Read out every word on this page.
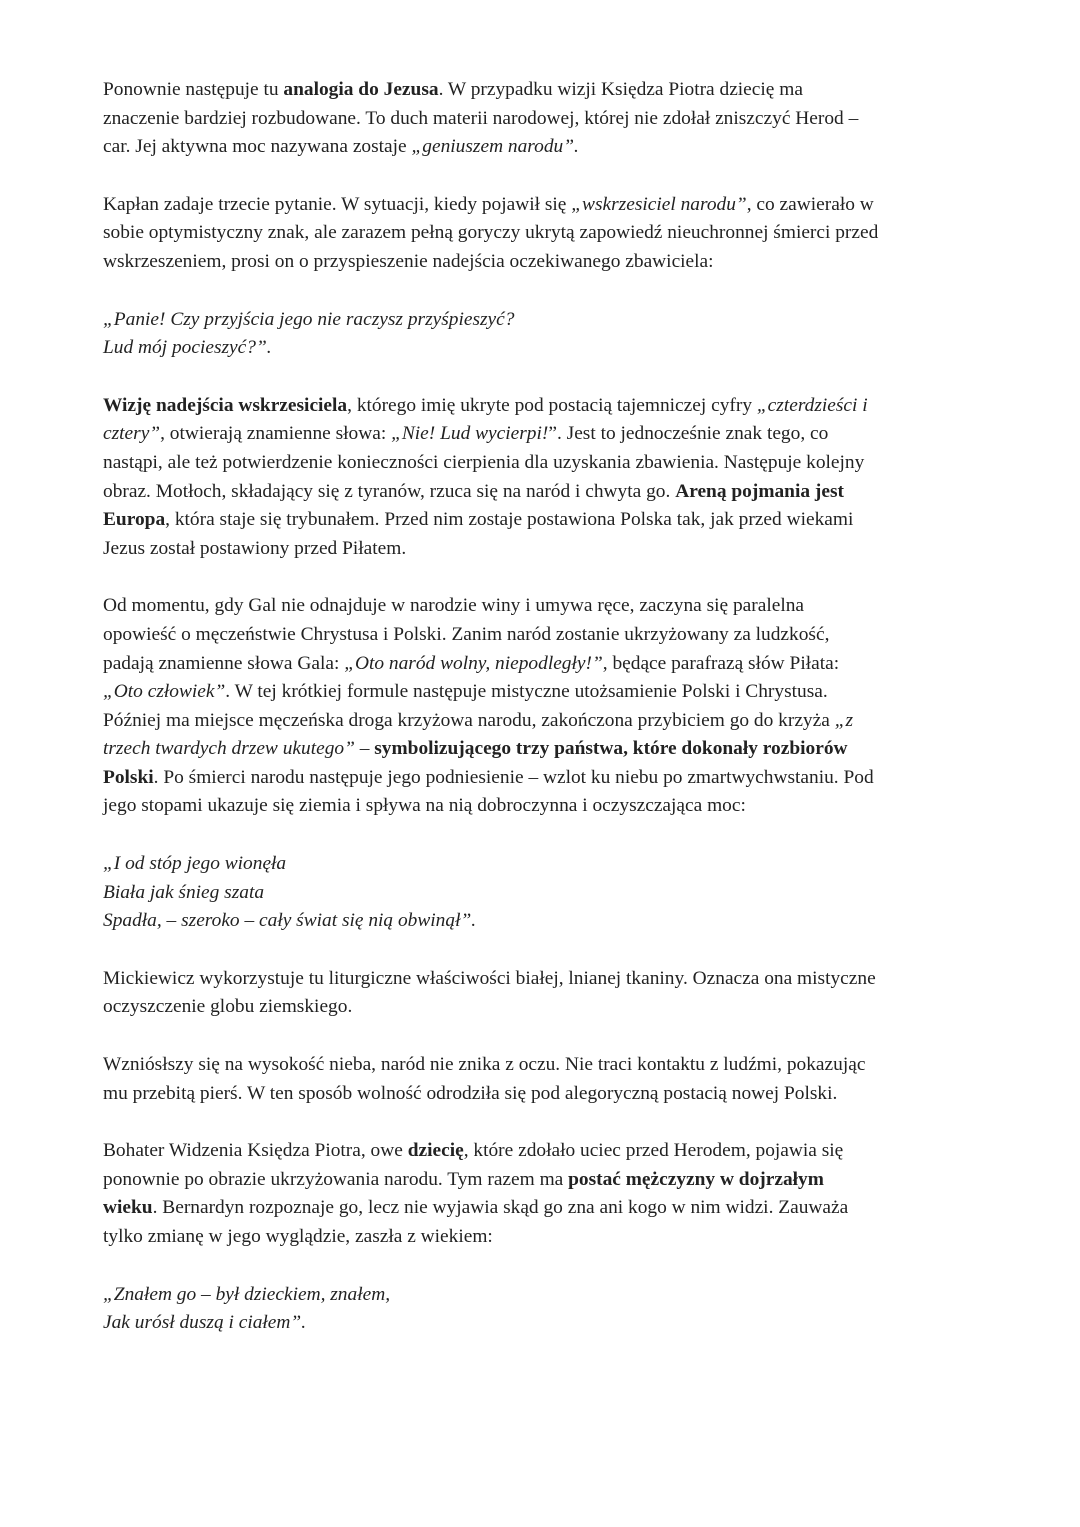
Ponownie następuje tu analogia do Jezusa. W przypadku wizji Księdza Piotra dziecię ma
znaczenie bardziej rozbudowane. To duch materii narodowej, której nie zdołał zniszczyć Herod –
car. Jej aktywna moc nazywana zostaje „geniuszem narodu”.
Kapłan zadaje trzecie pytanie. W sytuacji, kiedy pojawił się „wskrzesiciel narodu”, co zawierało w
sobie optymistyczny znak, ale zarazem pełną goryczy ukrytą zapowiedź nieuchronnej śmierci przed
wskrzeszeniem, prosi on o przyspieszenie nadejścia oczekiwanego zbawiciela:
„Panie! Czy przyjścia jego nie raczysz przyśpieszyć?
Lud mój pocieszyć?”.
Wizję nadejścia wskrzesiciela, którego imię ukryte pod postacią tajemniczej cyfry „czterdzieści i
cztery”, otwierają znamienne słowa: „Nie! Lud wycierpi!”. Jest to jednocześnie znak tego, co
nastąpi, ale też potwierdzenie konieczności cierpienia dla uzyskania zbawienia. Następuje kolejny
obraz. Motłoch, składający się z tyranów, rzuca się na naród i chwyta go. Areną pojmania jest
Europa, która staje się trybunałem. Przed nim zostaje postawiona Polska tak, jak przed wiekami
Jezus został postawiony przed Piłatem.
Od momentu, gdy Gal nie odnajduje w narodzie winy i umywa ręce, zaczyna się paralelna
opowieść o męczeństwie Chrystusa i Polski. Zanim naród zostanie ukrzyżowany za ludzkość,
padają znamienne słowa Gala: „Oto naród wolny, niepodległy!”, będące parafrazą słów Piłata:
„Oto człowiek”. W tej krótkiej formule następuje mistyczne utożsamienie Polski i Chrystusa.
Później ma miejsce męczeńska droga krzyżowa narodu, zakończona przybiciem go do krzyża „z
trzech twardych drzew ukutego” – symbolizującego trzy państwa, które dokonały rozbiorów
Polski. Po śmierci narodu następuje jego podniesienie – wzlot ku niebu po zmartwychwstaniu. Pod
jego stopami ukazuje się ziemia i spływa na nią dobroczynna i oczyszczająca moc:
„I od stóp jego wionęła
Biała jak śnieg szata
Spadła, – szeroko – cały świat się nią obwinął”.
Mickiewicz wykorzystuje tu liturgiczne właściwości białej, lnianej tkaniny. Oznacza ona mistyczne
oczyszczenie globu ziemskiego.
Wzniósłszy się na wysokość nieba, naród nie znika z oczu. Nie traci kontaktu z ludźmi, pokazując
mu przebitą pierś. W ten sposób wolność odrodziła się pod alegoryczną postacią nowej Polski.
Bohater Widzenia Księdza Piotra, owe dziecię, które zdołało uciec przed Herodem, pojawia się
ponownie po obrazie ukrzyżowania narodu. Tym razem ma postać mężczyzny w dojrzałym
wieku. Bernardyn rozpoznaje go, lecz nie wyjawia skąd go zna ani kogo w nim widzi. Zauważa
tylko zmianę w jego wyglądzie, zaszła z wiekiem:
„Znałem go – był dzieckiem, znałem,
Jak urósł duszą i ciałem”.
